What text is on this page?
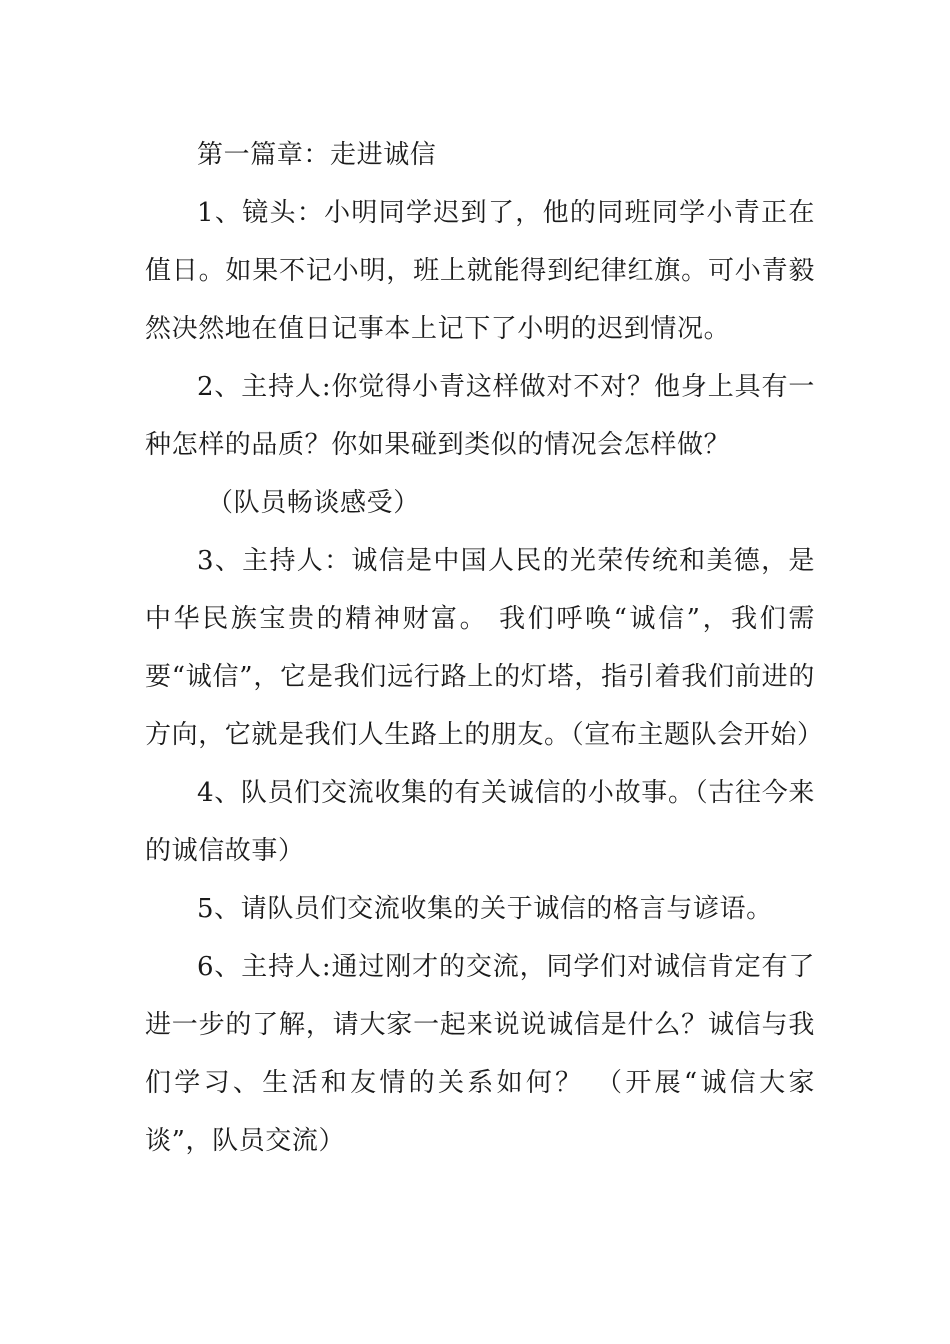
第一篇章：走进诚信

1、镜头：小明同学迟到了，他的同班同学小青正在值日。如果不记小明，班上就能得到纪律红旗。可小青毅然决然地在值日记事本上记下了小明的迟到情况。

2、主持人:你觉得小青这样做对不对？他身上具有一种怎样的品质？你如果碰到类似的情况会怎样做？

（队员畅谈感受）

3、主持人：诚信是中国人民的光荣传统和美德，是中华民族宝贵的精神财富。 我们呼唤“诚信”，我们需要“诚信”，它是我们远行路上的灯塔，指引着我们前进的方向，它就是我们人生路上的朋友。（宣布主题队会开始）

4、队员们交流收集的有关诚信的小故事。（古往今来的诚信故事）

5、请队员们交流收集的关于诚信的格言与谚语。

6、主持人:通过刚才的交流，同学们对诚信肯定有了进一步的了解，请大家一起来说说诚信是什么？诚信与我们学习、生活和友情的关系如何？ （开展“诚信大家谈”，队员交流）
